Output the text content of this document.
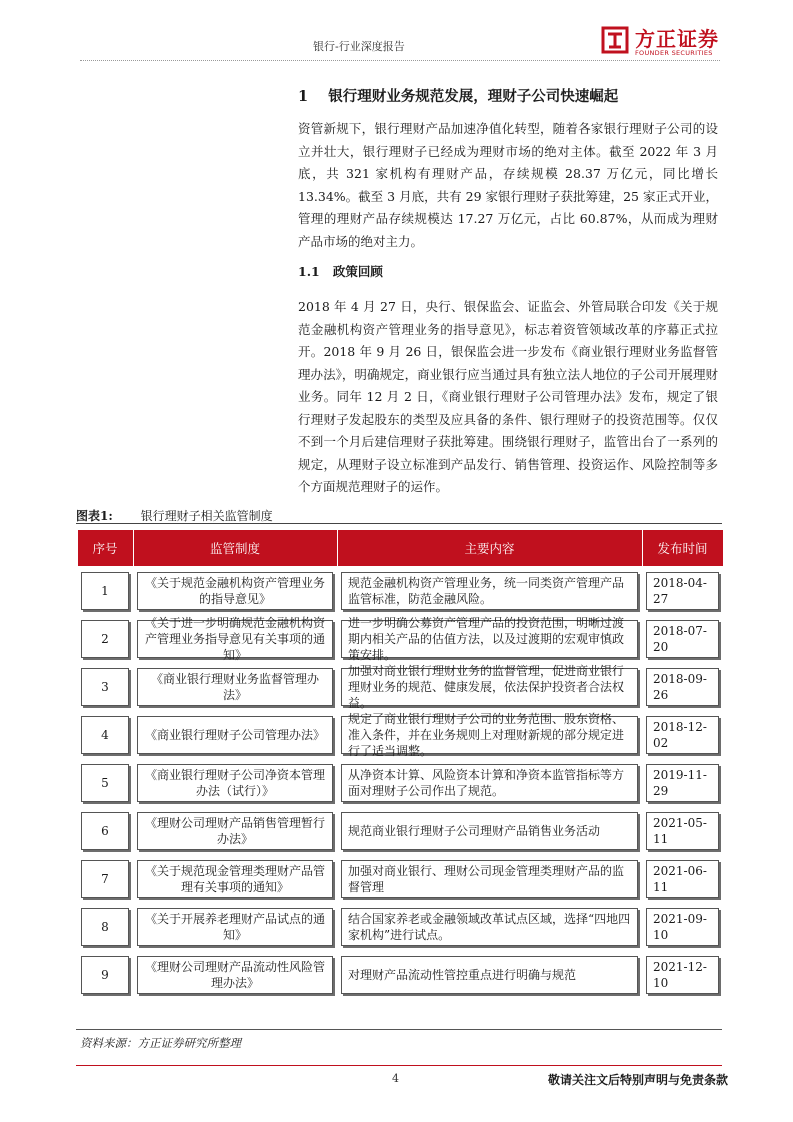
银行-行业深度报告	方正证券
FOUNDER SECURITIES
1 银行理财业务规范发展，理财子公司快速崛起
资管新规下，银行理财产品加速净值化转型，随着各家银行理财子公司的设立并壮大，银行理财子已经成为理财市场的绝对主体。截至 2022 年 3 月底，共 321 家机构有理财产品，存续规模 28.37 万亿元，同比增长 13.34%。截至 3 月底，共有 29 家银行理财子获批筹建，25 家正式开业，管理的理财产品存续规模达 17.27 万亿元，占比 60.87%，从而成为理财产品市场的绝对主力。
1.1 政策回顾
2018 年 4 月 27 日，央行、银保监会、证监会、外管局联合印发《关于规范金融机构资产管理业务的指导意见》，标志着资管领域改革的序幕正式拉开。2018 年 9 月 26 日，银保监会进一步发布《商业银行理财业务监督管理办法》，明确规定，商业银行应当通过具有独立法人地位的子公司开展理财业务。同年 12 月 2 日，《商业银行理财子公司管理办法》发布，规定了银行理财子发起股东的类型及应具备的条件、银行理财子的投资范围等。仅仅不到一个月后建信理财子获批筹建。围绕银行理财子，监管出台了一系列的规定，从理财子设立标准到产品发行、销售管理、投资运作、风险控制等多个方面规范理财子的运作。
图表1: 银行理财子相关监管制度
序号	监管制度	主要内容	发布时间

1	《关于规范金融机构资产管理业务的指导意见》	规范金融机构资产管理业务，统一同类资产管理产品监管标准，防范金融风险。	2018-04-27

2	《关于进一步明确规范金融机构资产管理业务指导意见有关事项的通知》	进一步明确公募资产管理产品的投资范围，明晰过渡期内相关产品的估值方法，以及过渡期的宏观审慎政策安排。	2018-07-20

3	《商业银行理财业务监督管理办法》	加强对商业银行理财业务的监督管理，促进商业银行理财业务的规范、健康发展，依法保护投资者合法权益。	2018-09-26

4	《商业银行理财子公司管理办法》	规定了商业银行理财子公司的业务范围、股东资格、准入条件，并在业务规则上对理财新规的部分规定进行了适当调整。	2018-12-02

5	《商业银行理财子公司净资本管理办法（试行）》	从净资本计算、风险资本计算和净资本监管指标等方面对理财子公司作出了规范。	2019-11-29

6	《理财公司理财产品销售管理暂行办法》	规范商业银行理财子公司理财产品销售业务活动	2021-05-11

7	《关于规范现金管理类理财产品管理有关事项的通知》	加强对商业银行、理财公司现金管理类理财产品的监督管理	2021-06-11

8	《关于开展养老理财产品试点的通知》	结合国家养老或金融领域改革试点区域，选择“四地四家机构”进行试点。	2021-09-10

9	《理财公司理财产品流动性风险管理办法》	对理财产品流动性管控重点进行明确与规范	2021-12-10
资料来源：方正证券研究所整理
4	敬请关注文后特别声明与免责条款
